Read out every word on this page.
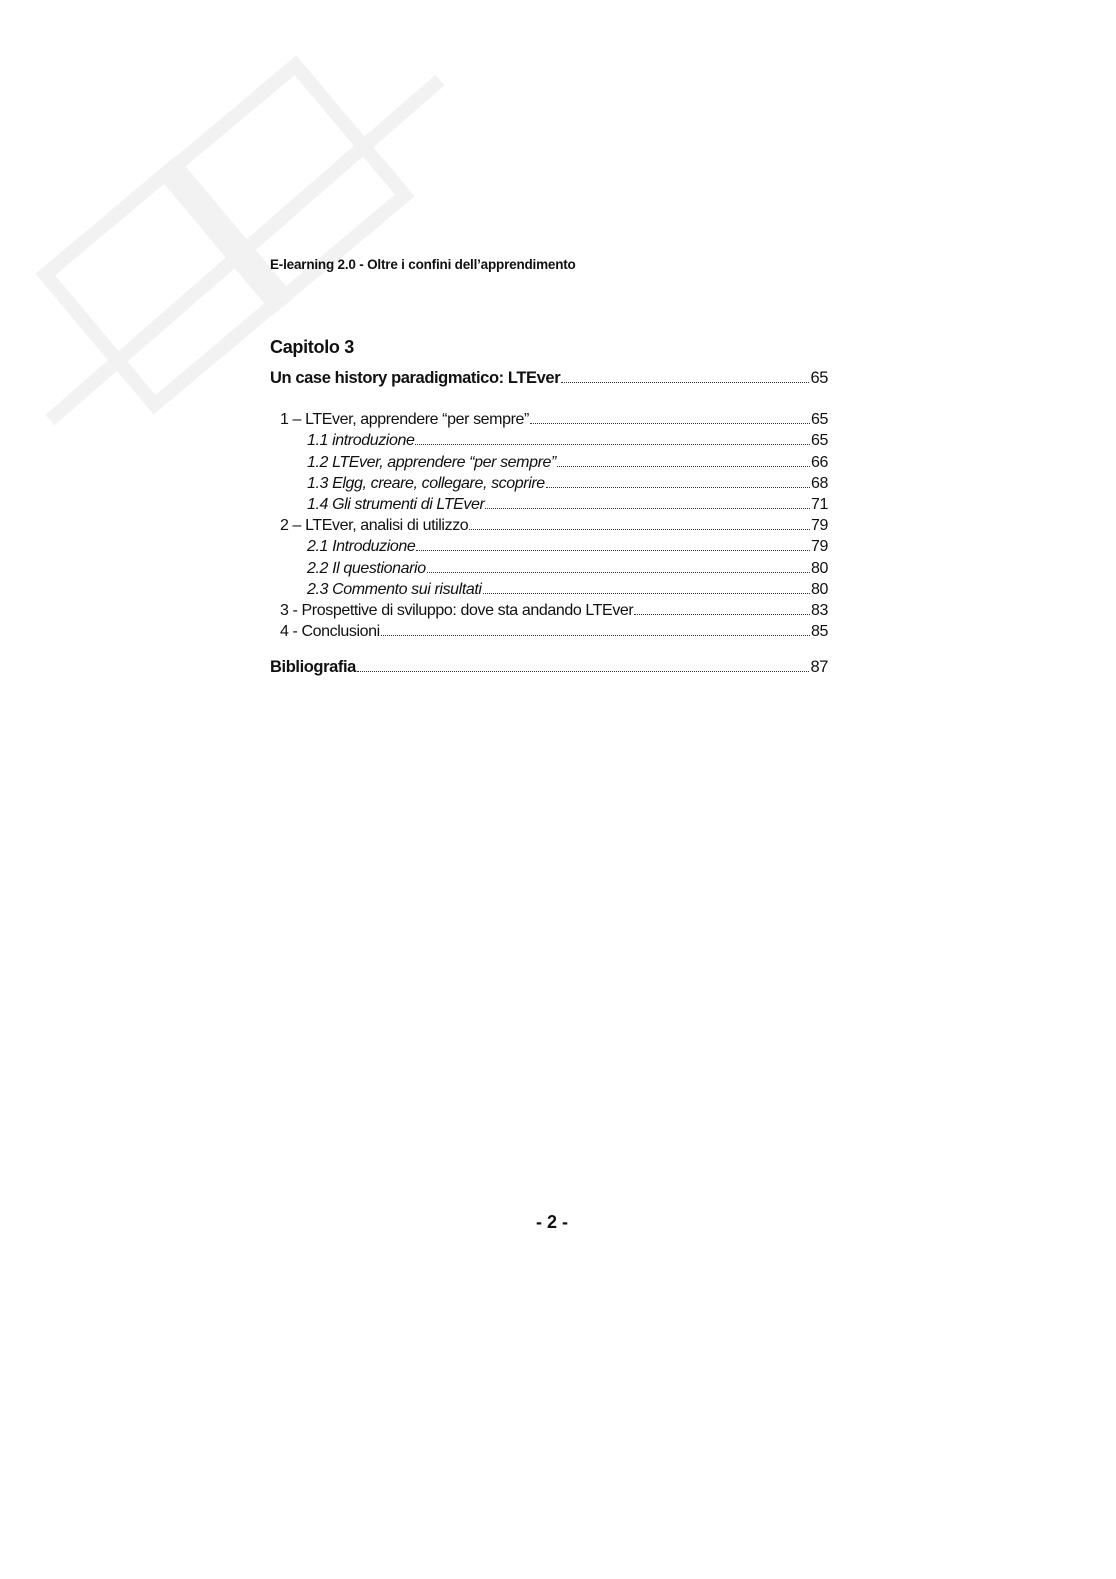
E-learning 2.0 - Oltre i confini dell’apprendimento
Capitolo 3
Un case history paradigmatico: LTEver	65
1 – LTEver, apprendere “per sempre”	65
1.1 introduzione	65
1.2 LTEver, apprendere “per sempre”	66
1.3 Elgg, creare, collegare, scoprire	68
1.4 Gli strumenti di LTEver	71
2 – LTEver, analisi di utilizzo	79
2.1 Introduzione	79
2.2 Il questionario	80
2.3 Commento sui risultati	80
3 - Prospettive di sviluppo: dove sta andando LTEver	83
4 - Conclusioni	85
Bibliografia	87
- 2 -
